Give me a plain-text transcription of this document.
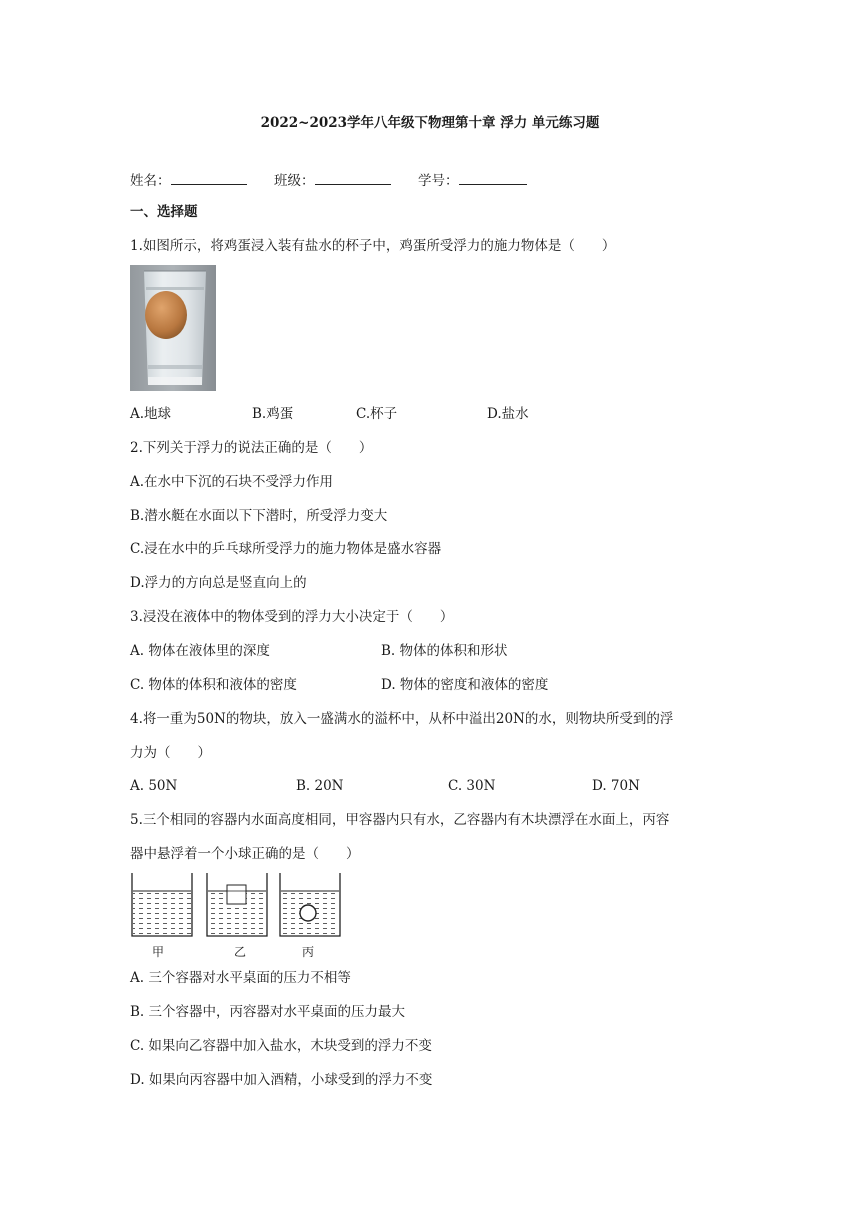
2022~2023学年八年级下物理第十章 浮力 单元练习题
姓名：	班级：	学号：
一、选择题
1.如图所示，将鸡蛋浸入装有盐水的杯子中，鸡蛋所受浮力的施力物体是（　　）
A.地球	B.鸡蛋	C.杯子	D.盐水
2.下列关于浮力的说法正确的是（　　）
A.在水中下沉的石块不受浮力作用
B.潜水艇在水面以下下潜时，所受浮力变大
C.浸在水中的乒乓球所受浮力的施力物体是盛水容器
D.浮力的方向总是竖直向上的
3.浸没在液体中的物体受到的浮力大小决定于（　　）
A. 物体在液体里的深度	B. 物体的体积和形状
C. 物体的体积和液体的密度	D. 物体的密度和液体的密度
4.将一重为50N的物块，放入一盛满水的溢杯中，从杯中溢出20N的水，则物块所受到的浮
力为（　　）
A. 50N	B. 20N	C. 30N	D. 70N
5.三个相同的容器内水面高度相同，甲容器内只有水，乙容器内有木块漂浮在水面上，丙容
器中悬浮着一个小球正确的是（　　）
甲	乙	丙
A. 三个容器对水平桌面的压力不相等
B. 三个容器中，丙容器对水平桌面的压力最大
C. 如果向乙容器中加入盐水，木块受到的浮力不变
D. 如果向丙容器中加入酒精，小球受到的浮力不变
